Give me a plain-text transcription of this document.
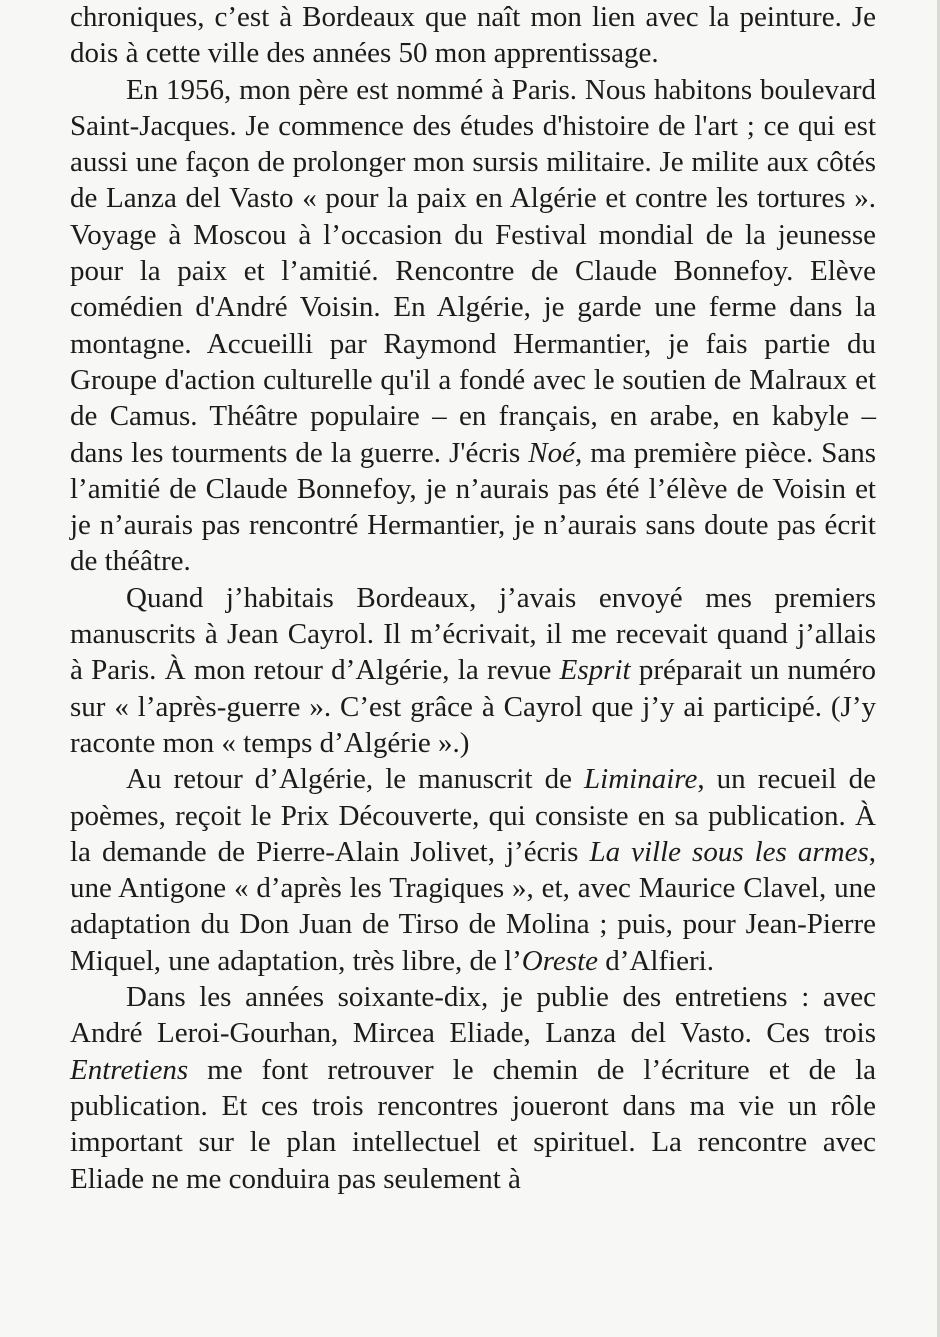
chroniques, c’est à Bordeaux que naît mon lien avec la peinture. Je dois à cette ville des années 50 mon apprentissage.

En 1956, mon père est nommé à Paris. Nous habitons boulevard Saint-Jacques. Je commence des études d'histoire de l'art ; ce qui est aussi une façon de prolonger mon sursis militaire. Je milite aux côtés de Lanza del Vasto « pour la paix en Algérie et contre les tortures ». Voyage à Moscou à l’occasion du Festival mondial de la jeunesse pour la paix et l’amitié. Rencontre de Claude Bonnefoy. Elève comédien d'André Voisin. En Algérie, je garde une ferme dans la montagne. Accueilli par Raymond Hermantier, je fais partie du Groupe d'action culturelle qu'il a fondé avec le soutien de Malraux et de Camus. Théâtre populaire – en français, en arabe, en kabyle – dans les tourments de la guerre. J'écris Noé, ma première pièce. Sans l’amitié de Claude Bonnefoy, je n’aurais pas été l’élève de Voisin et je n’aurais pas rencontré Hermantier, je n’aurais sans doute pas écrit de théâtre.

Quand j’habitais Bordeaux, j’avais envoyé mes premiers manuscrits à Jean Cayrol. Il m’écrivait, il me recevait quand j’allais à Paris. À mon retour d’Algérie, la revue Esprit préparait un numéro sur « l’après-guerre ». C’est grâce à Cayrol que j’y ai participé. (J’y raconte mon « temps d’Algérie ».)

Au retour d’Algérie, le manuscrit de Liminaire, un recueil de poèmes, reçoit le Prix Découverte, qui consiste en sa publication. À la demande de Pierre-Alain Jolivet, j’écris La ville sous les armes, une Antigone « d’après les Tragiques », et, avec Maurice Clavel, une adaptation du Don Juan de Tirso de Molina ; puis, pour Jean-Pierre Miquel, une adaptation, très libre, de l’Oreste d’Alfieri.

Dans les années soixante-dix, je publie des entretiens : avec André Leroi-Gourhan, Mircea Eliade, Lanza del Vasto. Ces trois Entretiens me font retrouver le chemin de l’écriture et de la publication. Et ces trois rencontres joueront dans ma vie un rôle important sur le plan intellectuel et spirituel. La rencontre avec Eliade ne me conduira pas seulement à
